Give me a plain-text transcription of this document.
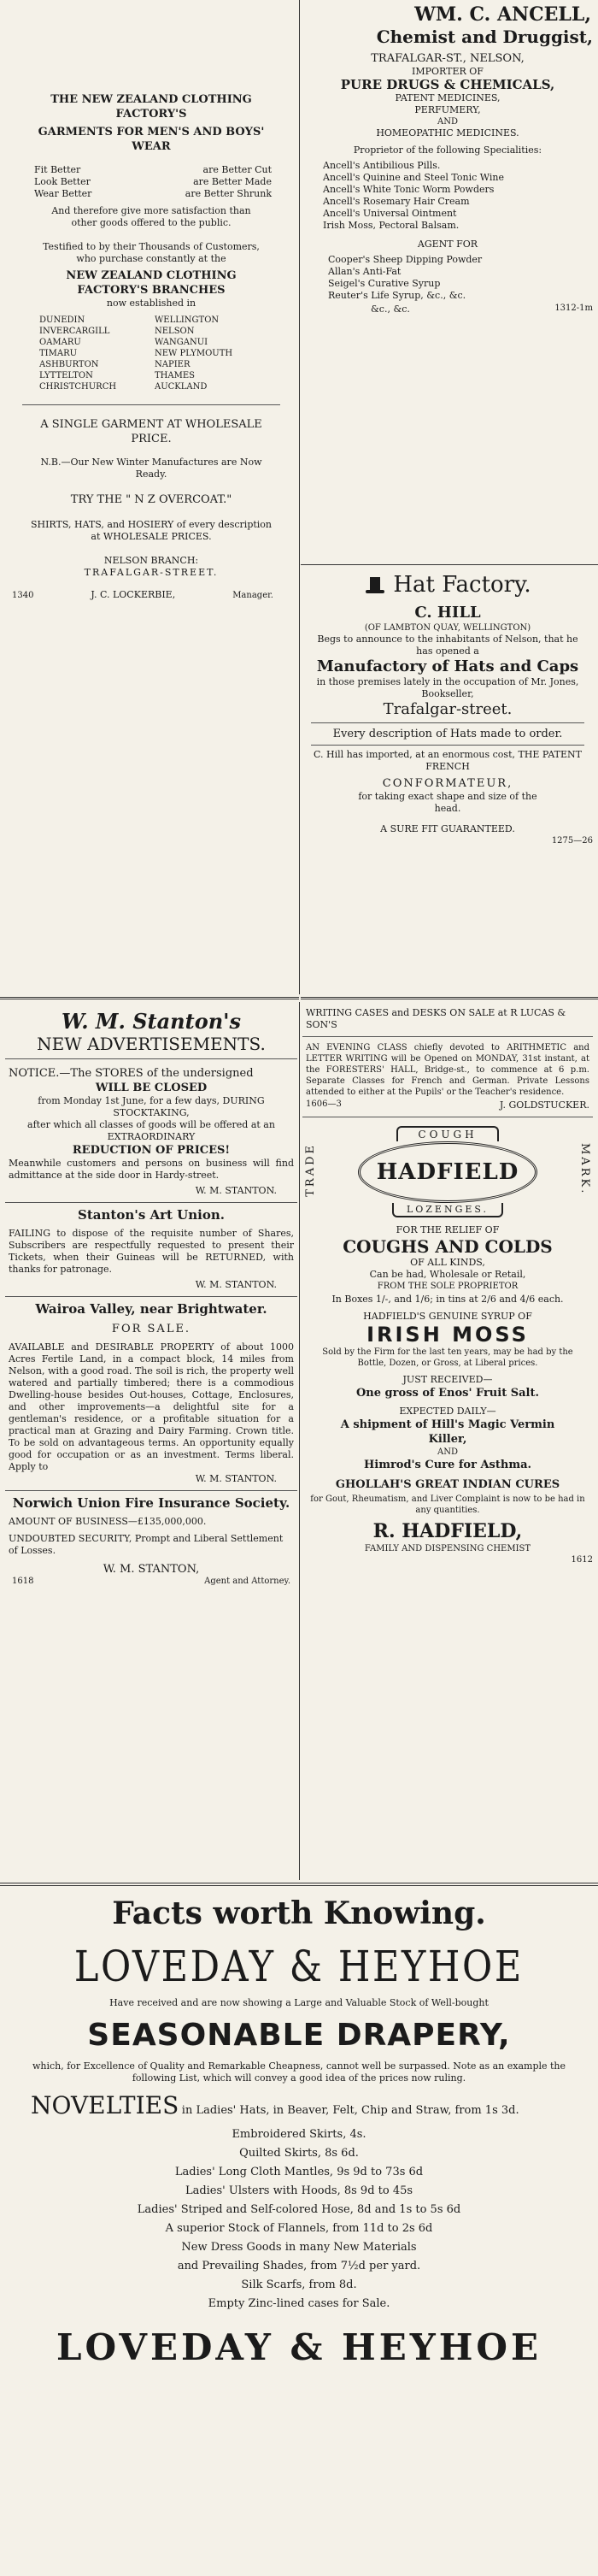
THE NEW ZEALAND CLOTHING FACTORY'S
GARMENTS FOR MEN'S AND BOYS' WEAR
Fit Better	are Better Cut
Look Better	are Better Made
Wear Better	are Better Shrunk
And therefore give more satisfaction than other goods offered to the public.
Testified to by their Thousands of Customers, who purchase constantly at the
NEW ZEALAND CLOTHING FACTORY'S BRANCHES
now established in
DUNEDIN	WELLINGTON
INVERCARGILL	NELSON
OAMARU	WANGANUI
TIMARU	NEW PLYMOUTH
ASHBURTON	NAPIER
LYTTELTON	THAMES
CHRISTCHURCH	AUCKLAND
A SINGLE GARMENT AT WHOLESALE PRICE.
N.B.—Our New Winter Manufactures are Now Ready.
TRY THE " N Z OVERCOAT."
SHIRTS, HATS, and HOSIERY of every description at WHOLESALE PRICES.
NELSON BRANCH:
TRAFALGAR-STREET.
1340	J. C. LOCKERBIE,	Manager.
WM. C. ANCELL,
Chemist and Druggist,
TRAFALGAR-ST., NELSON,
IMPORTER OF
PURE DRUGS & CHEMICALS,
PATENT MEDICINES,
PERFUMERY,
AND
HOMEOPATHIC MEDICINES.
Proprietor of the following Specialities:
Ancell's Antibilious Pills.
Ancell's Quinine and Steel Tonic Wine
Ancell's White Tonic Worm Powders
Ancell's Rosemary Hair Cream
Ancell's Universal Ointment
Irish Moss, Pectoral Balsam.
AGENT FOR
Cooper's Sheep Dipping Powder
Allan's Anti-Fat
Seigel's Curative Syrup
Reuter's Life Syrup, &c., &c.
&c., &c.	1312-1m
Hat Factory.
C. HILL
(OF LAMBTON QUAY, WELLINGTON)
Begs to announce to the inhabitants of Nelson, that he has opened a
Manufactory of Hats and Caps
in those premises lately in the occupation of Mr. Jones, Bookseller,
Trafalgar-street.
Every description of Hats made to order.
C. Hill has imported, at an enormous cost, THE PATENT FRENCH
CONFORMATEUR,
for taking exact shape and size of the head.
A SURE FIT GUARANTEED.
1275—26
W. M. Stanton's
NEW ADVERTISEMENTS.
NOTICE.—The STORES of the undersigned
WILL BE CLOSED
from Monday 1st June, for a few days, DURING STOCKTAKING,
after which all classes of goods will be offered at an EXTRAORDINARY
REDUCTION OF PRICES!
Meanwhile customers and persons on business will find admittance at the side door in Hardy-street.
W. M. STANTON.
Stanton's Art Union.
FAILING to dispose of the requisite number of Shares, Subscribers are respectfully requested to present their Tickets, when their Guineas will be RETURNED, with thanks for patronage.
W. M. STANTON.
Wairoa Valley, near Brightwater.
FOR SALE.
AVAILABLE and DESIRABLE PROPERTY of about 1000 Acres Fertile Land, in a compact block, 14 miles from Nelson, with a good road. The soil is rich, the property well watered and partially timbered; there is a commodious Dwelling-house besides Out-houses, Cottage, Enclosures, and other improvements—a delightful site for a gentleman's residence, or a profitable situation for a practical man at Grazing and Dairy Farming. Crown title. To be sold on advantageous terms. An opportunity equally good for occupation or as an investment. Terms liberal. Apply to
W. M. STANTON.
Norwich Union Fire Insurance Society.
AMOUNT OF BUSINESS—£135,000,000.
UNDOUBTED SECURITY, Prompt and Liberal Settlement of Losses.
W. M. STANTON,
1618	Agent and Attorney.
WRITING CASES and DESKS ON SALE at R LUCAS & SON'S
AN EVENING CLASS chiefly devoted to ARITHMETIC and LETTER WRITING will be Opened on MONDAY, 31st instant, at the FORESTERS' HALL, Bridge-st., to commence at 6 p.m. Separate Classes for French and German. Private Lessons attended to either at the Pupils' or the Teacher's residence.
1606—3	J. GOLDSTUCKER.
TRADE	MARK.
COUGH
HADFIELD
LOZENGES.
FOR THE RELIEF OF
COUGHS AND COLDS
OF ALL KINDS,
Can be had, Wholesale or Retail,
FROM THE SOLE PROPRIETOR
In Boxes 1/-, and 1/6; in tins at 2/6 and 4/6 each.
HADFIELD'S GENUINE SYRUP OF
IRISH MOSS
Sold by the Firm for the last ten years, may be had by the Bottle, Dozen, or Gross, at Liberal prices.
JUST RECEIVED—
One gross of Enos' Fruit Salt.
EXPECTED DAILY—
A shipment of Hill's Magic Vermin Killer,
AND
Himrod's Cure for Asthma.
GHOLLAH'S GREAT INDIAN CURES
for Gout, Rheumatism, and Liver Complaint is now to be had in any quantities.
R. HADFIELD,
FAMILY AND DISPENSING CHEMIST
1612
Facts worth Knowing.
LOVEDAY & HEYHOE
Have received and are now showing a Large and Valuable Stock of Well-bought
SEASONABLE DRAPERY,
which, for Excellence of Quality and Remarkable Cheapness, cannot well be surpassed. Note as an example the following List, which will convey a good idea of the prices now ruling.
NOVELTIES in Ladies' Hats, in Beaver, Felt, Chip and Straw, from 1s 3d.
Embroidered Skirts, 4s.
Quilted Skirts, 8s 6d.
Ladies' Long Cloth Mantles, 9s 9d to 73s 6d
Ladies' Ulsters with Hoods, 8s 9d to 45s
Ladies' Striped and Self-colored Hose, 8d and 1s to 5s 6d
A superior Stock of Flannels, from 11d to 2s 6d
New Dress Goods in many New Materials and Prevailing Shades, from 7½d per yard.
Silk Scarfs, from 8d.
Empty Zinc-lined cases for Sale.
LOVEDAY & HEYHOE
